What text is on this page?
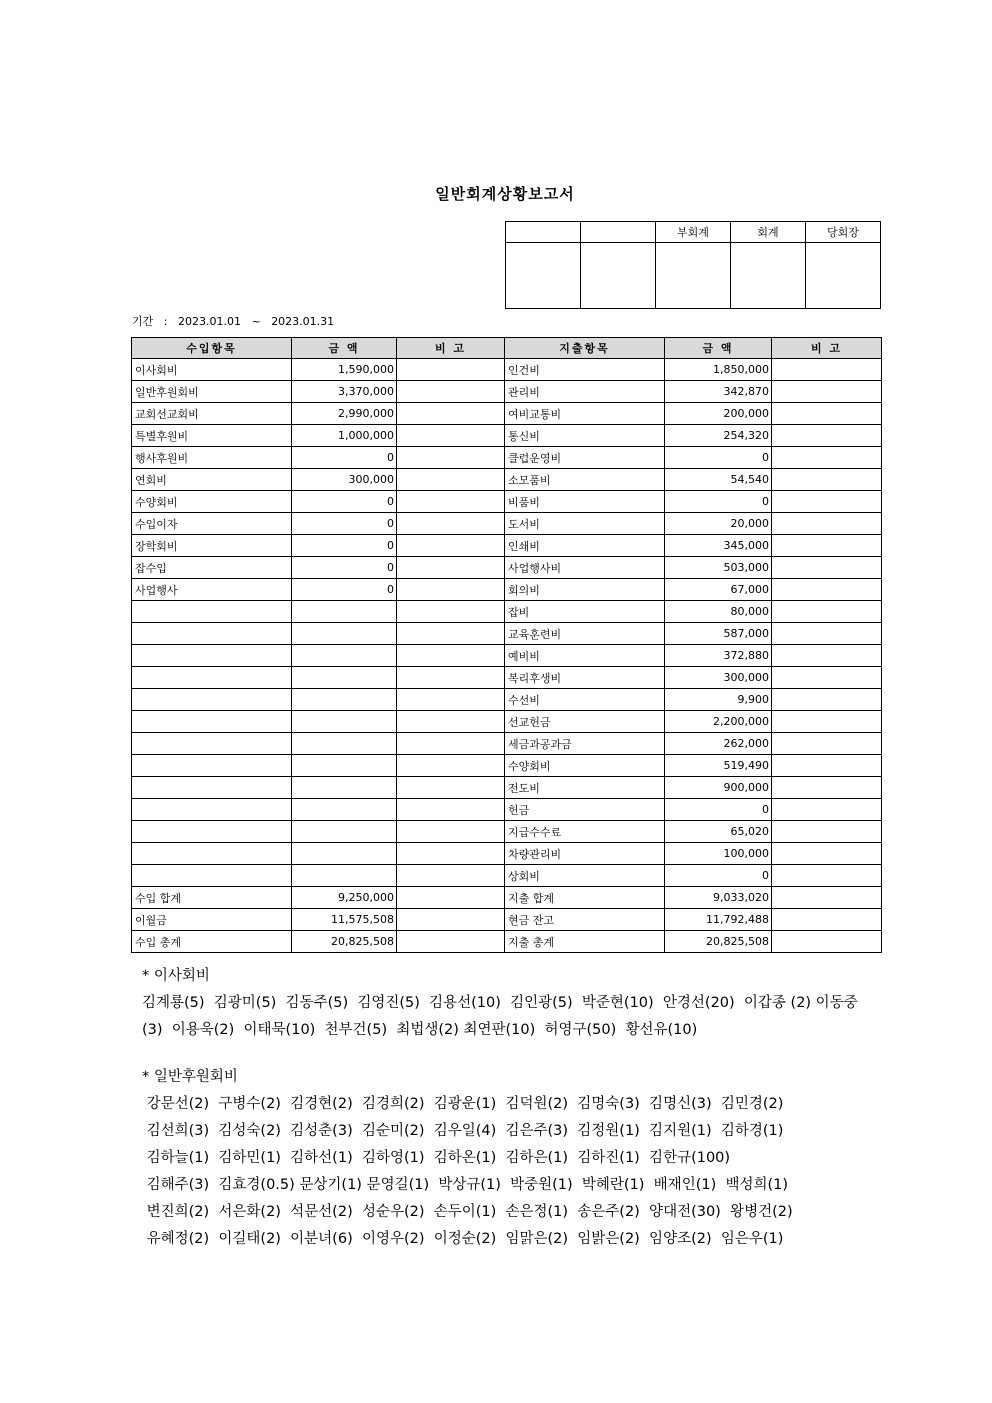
일반회계상황보고서
		부회계	회계	당회장

기간 : 2023.01.01 ~ 2023.01.31
수입항목	금 액	비 고	지출항목	금 액	비 고
이사회비	1,590,000		인건비	1,850,000	
일반후원회비	3,370,000		관리비	342,870	
교회선교회비	2,990,000		여비교통비	200,000	
특별후원비	1,000,000		통신비	254,320	
행사후원비	0		클럽운영비	0	
연회비	300,000		소모품비	54,540	
수양회비	0		비품비	0	
수입이자	0		도서비	20,000	
장학회비	0		인쇄비	345,000	
잡수입	0		사업행사비	503,000	
사업행사	0		회의비	67,000	
			잡비	80,000	
			교육훈련비	587,000	
			예비비	372,880	
			복리후생비	300,000	
			수선비	9,900	
			선교헌금	2,200,000	
			세금과공과금	262,000	
			수양회비	519,490	
			전도비	900,000	
			헌금	0	
			지급수수료	65,020	
			차량관리비	100,000	
			상회비	0	
수입 합계	9,250,000		지출 합계	9,033,020	
이월금	11,575,508		현금 잔고	11,792,488	
수입 총계	20,825,508		지출 총계	20,825,508	
* 이사회비
김계룡(5)  김광미(5)  김동주(5)  김영진(5)  김용선(10)  김인광(5)  박준현(10)  안경선(20)  이갑종 (2) 이동중(3)  이용욱(2)  이태묵(10)  천부건(5)  최법생(2) 최연판(10)  허영구(50)  황선유(10)
* 일반후원회비
강문선(2)  구병수(2)  김경현(2)  김경희(2)  김광운(1)  김덕원(2)  김명숙(3)  김명신(3)  김민경(2)
김선희(3)  김성숙(2)  김성춘(3)  김순미(2)  김우일(4)  김은주(3)  김정원(1)  김지원(1)  김하경(1)
김하늘(1)  김하민(1)  김하선(1)  김하영(1)  김하온(1)  김하은(1)  김하진(1)  김한규(100)
김해주(3)  김효경(0.5) 문상기(1) 문영길(1)  박상규(1)  박중원(1)  박혜란(1)  배재인(1)  백성희(1)
변진희(2)  서은화(2)  석문선(2)  성순우(2)  손두이(1)  손은정(1)  송은주(2)  양대전(30)  왕병건(2)
유혜정(2)  이길태(2)  이분녀(6)  이영우(2)  이정순(2)  임맑은(2)  임밝은(2)  임양조(2)  임은우(1)
